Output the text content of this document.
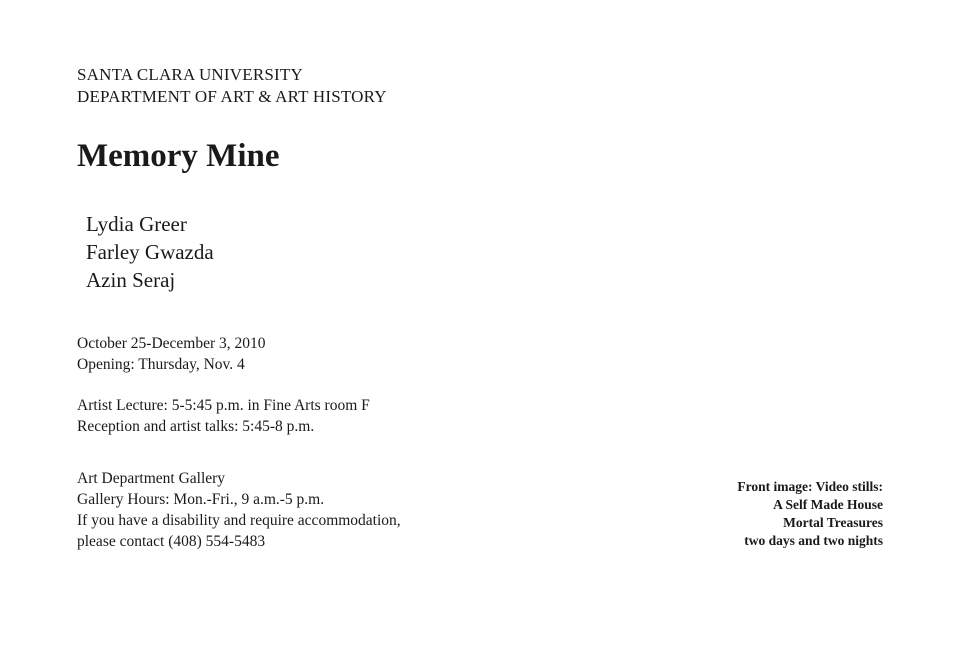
SANTA CLARA UNIVERSITY
DEPARTMENT OF ART & ART HISTORY
Memory Mine
Lydia Greer
Farley Gwazda
Azin Seraj
October 25-December 3, 2010
Opening: Thursday, Nov. 4
Artist Lecture: 5-5:45 p.m. in Fine Arts room F
Reception and artist talks: 5:45-8 p.m.
Art Department Gallery
Gallery Hours: Mon.-Fri., 9 a.m.-5 p.m.
If you have a disability and require accommodation,
please contact (408) 554-5483
Front image: Video stills:
A Self Made House
Mortal Treasures
two days and two nights
